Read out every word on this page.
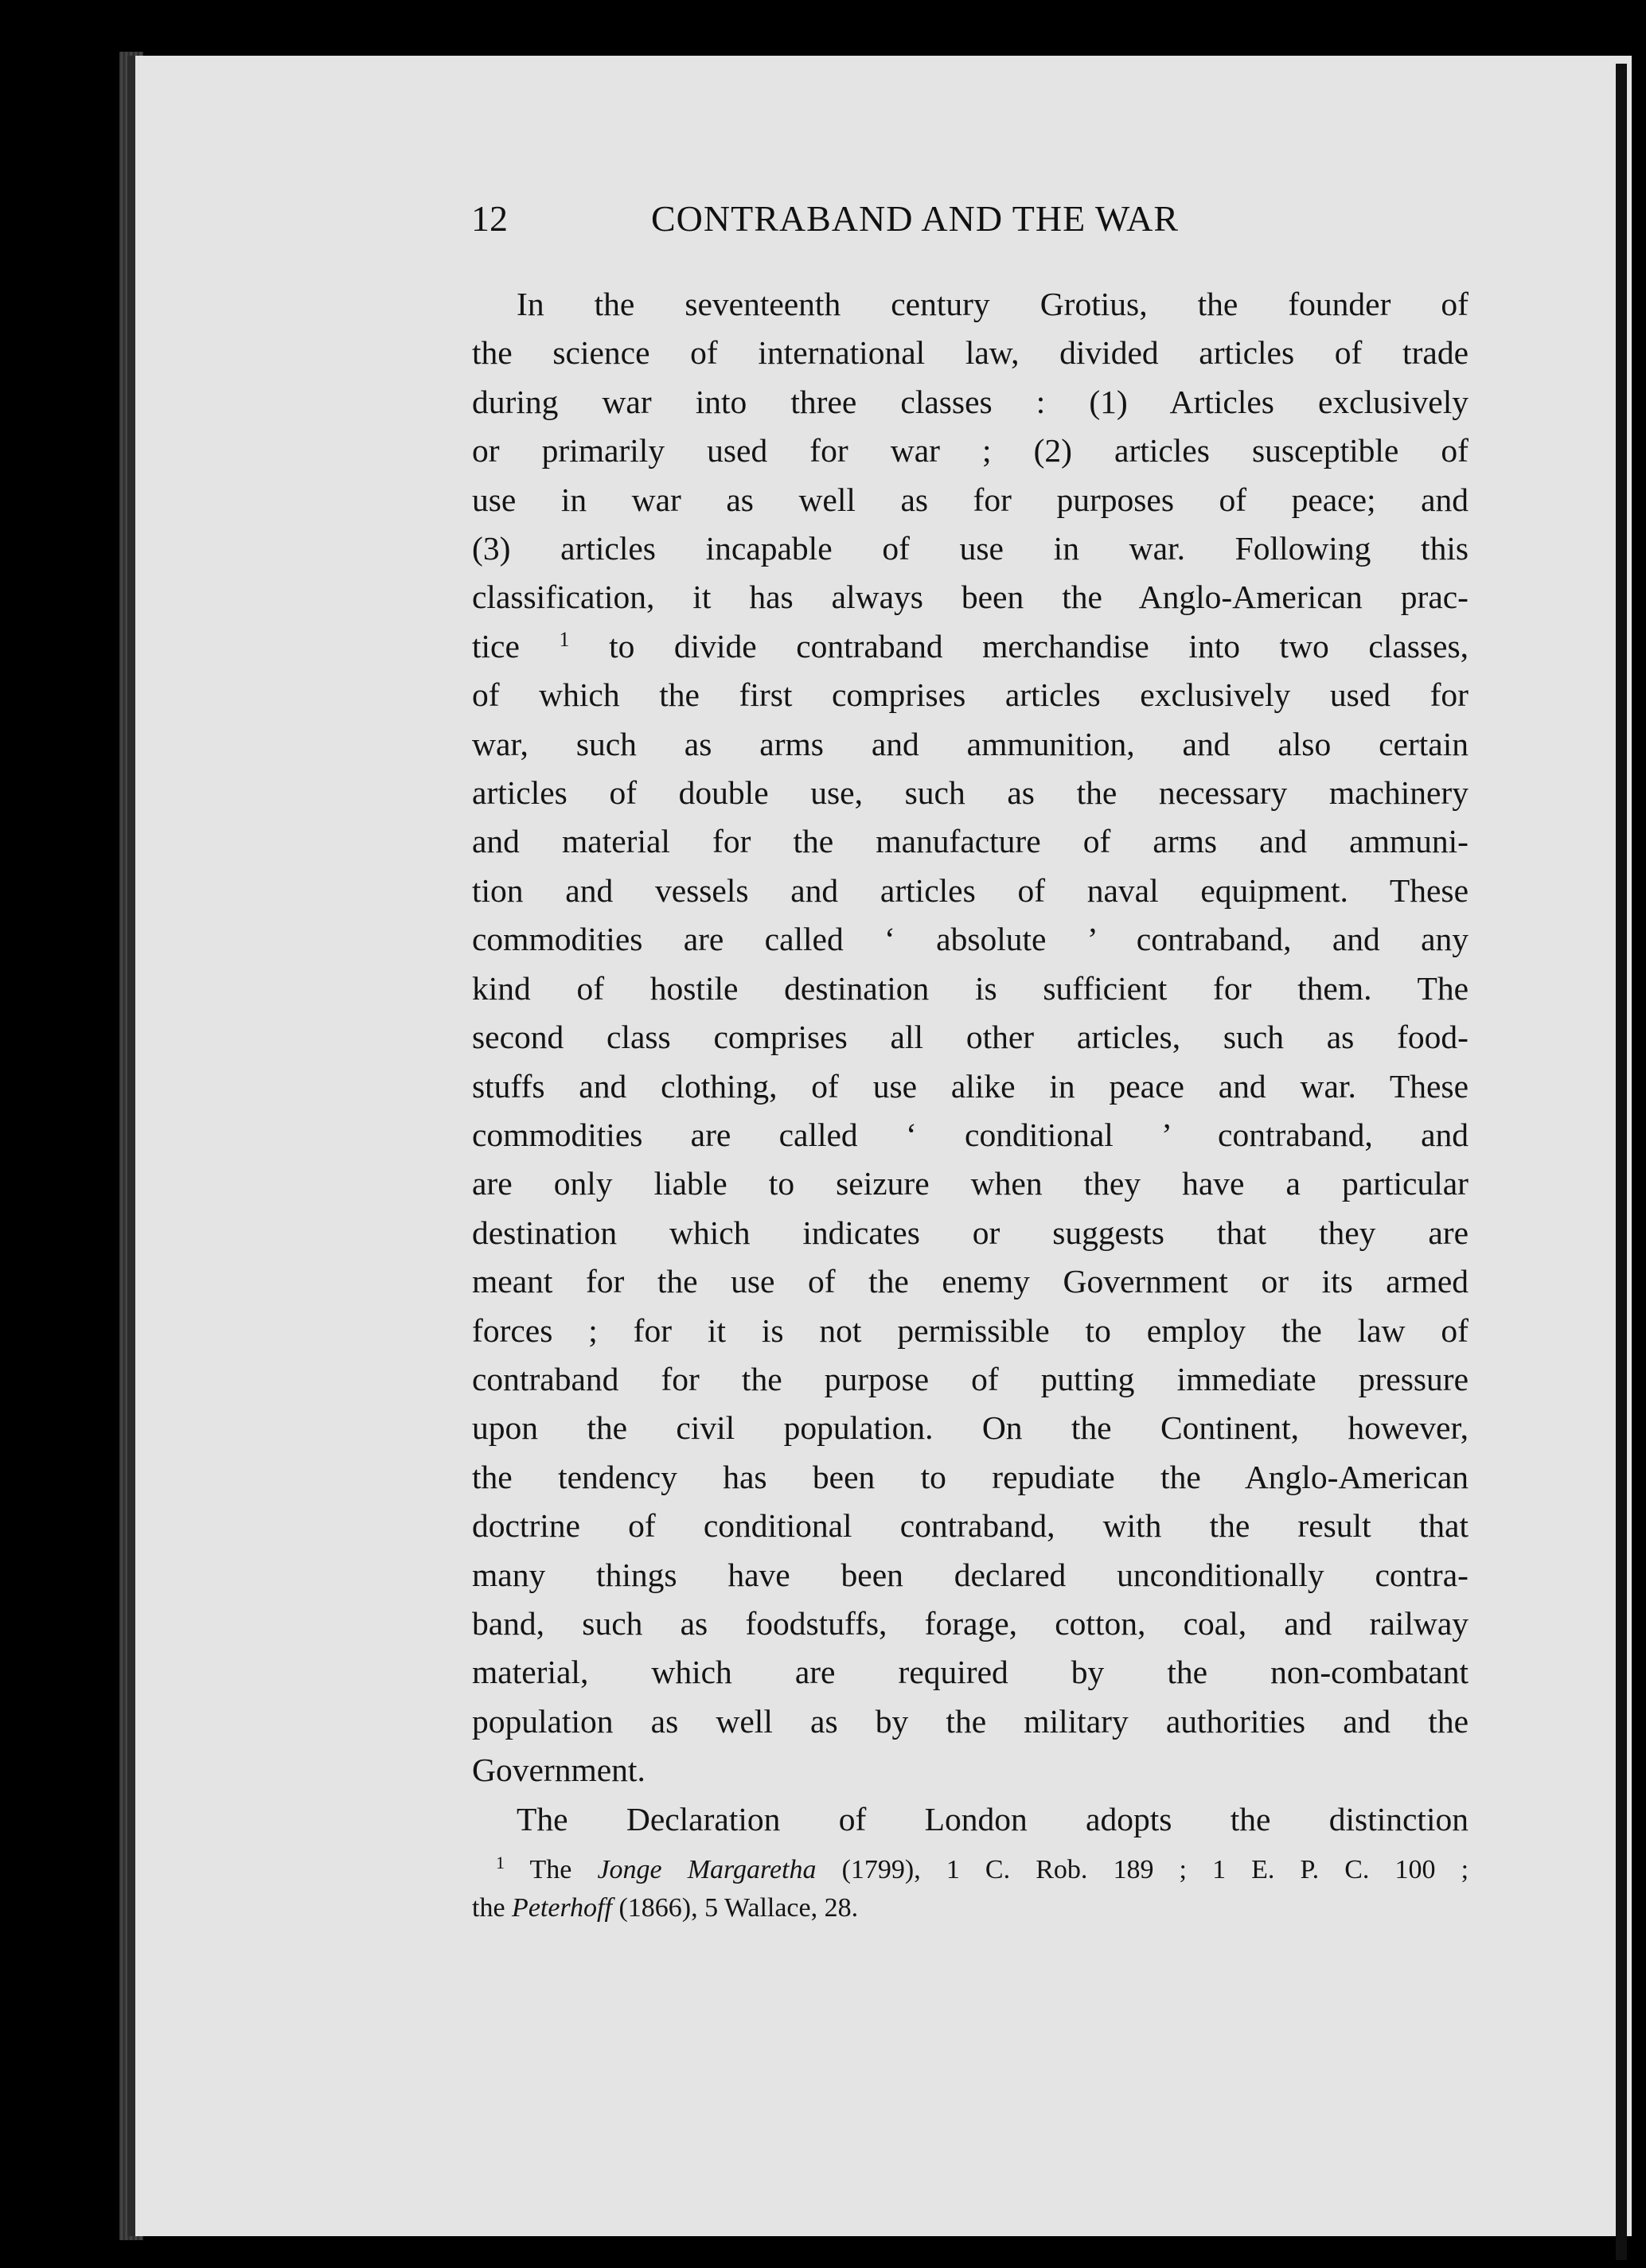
12	CONTRABAND AND THE WAR
In the seventeenth century Grotius, the founder of
the science of international law, divided articles of trade
during war into three classes : (1) Articles exclusively
or primarily used for war ; (2) articles susceptible of
use in war as well as for purposes of peace; and
(3) articles incapable of use in war. Following this
classification, it has always been the Anglo-American prac-
tice $^1$ to divide contraband merchandise into two classes,
of which the first comprises articles exclusively used for
war, such as arms and ammunition, and also certain
articles of double use, such as the necessary machinery
and material for the manufacture of arms and ammuni-
tion and vessels and articles of naval equipment. These
commodities are called ‘ absolute ’ contraband, and any
kind of hostile destination is sufficient for them. The
second class comprises all other articles, such as food-
stuffs and clothing, of use alike in peace and war. These
commodities are called ‘ conditional ’ contraband, and
are only liable to seizure when they have a particular
destination which indicates or suggests that they are
meant for the use of the enemy Government or its armed
forces ; for it is not permissible to employ the law of
contraband for the purpose of putting immediate pressure
upon the civil population. On the Continent, however,
the tendency has been to repudiate the Anglo-American
doctrine of conditional contraband, with the result that
many things have been declared unconditionally contra-
band, such as foodstuffs, forage, cotton, coal, and railway
material, which are required by the non-combatant
population as well as by the military authorities and the
Government.
The Declaration of London adopts the distinction
$^1$ The Jonge Margaretha (1799), 1 C. Rob. 189 ; 1 E. P. C. 100 ;
the Peterhoff (1866), 5 Wallace, 28.
